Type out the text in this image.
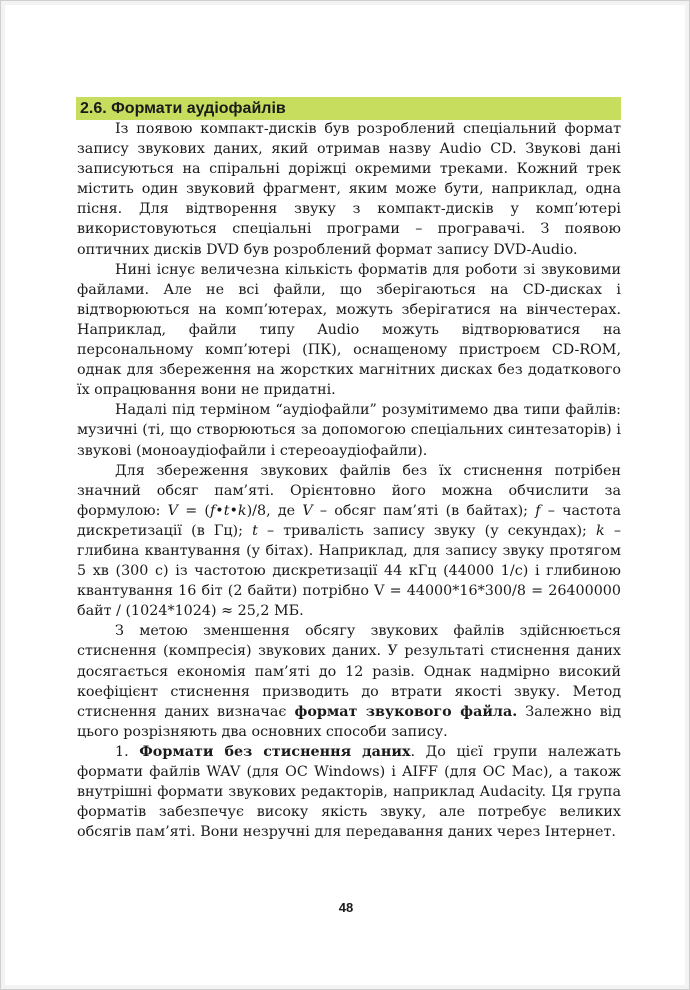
2.6. Формати аудіофайлів

Із появою компакт-дисків був розроблений спеціальний формат запису звукових даних, який отримав назву Audio CD. Звукові дані записуються на спіральні доріжці окремими треками. Кожний трек містить один звуковий фрагмент, яким може бути, наприклад, одна пісня. Для відтворення звуку з компакт-дисків у комп’ютері використовуються спеціальні програми – програвачі. З появою оптичних дисків DVD був розроблений формат запису DVD-Audio.

Нині існує величезна кількість форматів для роботи зі звуковими файлами. Але не всі файли, що зберігаються на CD-дисках і відтворюються на комп’ютерах, можуть зберігатися на вінчестерах. Наприклад, файли типу Audio можуть відтворюватися на персональному комп’ютері (ПК), оснащеному пристроєм CD-ROM, однак для збереження на жорстких магнітних дисках без додаткового їх опрацювання вони не придатні.

Надалі під терміном “аудіофайли” розумітимемо два типи файлів: музичні (ті, що створюються за допомогою спеціальних синтезаторів) і звукові (моноаудіофайли і стереоаудіофайли).

Для збереження звукових файлів без їх стиснення потрібен значний обсяг пам’яті. Орієнтовно його можна обчислити за формулою: V = (f•t•k)/8, де V – обсяг пам’яті (в байтах); f – частота дискретизації (в Гц); t – тривалість запису звуку (у секундах); k – глибина квантування (у бітах). Наприклад, для запису звуку протягом 5 хв (300 с) із частотою дискретизації 44 кГц (44000 1/с) і глибиною квантування 16 біт (2 байти) потрібно V = 44000*16*300/8 = 26400000 байт / (1024*1024) ≈ 25,2 МБ.

З метою зменшення обсягу звукових файлів здійснюється стиснення (компресія) звукових даних. У результаті стиснення даних досягається економія пам’яті до 12 разів. Однак надмірно високий коефіцієнт стиснення призводить до втрати якості звуку. Метод стиснення даних визначає формат звукового файла. Залежно від цього розрізняють два основних способи запису.

1. Формати без стиснення даних. До цієї групи належать формати файлів WAV (для ОС Windows) і AIFF (для ОС Mac), а також внутрішні формати звукових редакторів, наприклад Audacity. Ця група форматів забезпечує високу якість звуку, але потребує великих обсягів пам’яті. Вони незручні для передавання даних через Інтернет.

48
